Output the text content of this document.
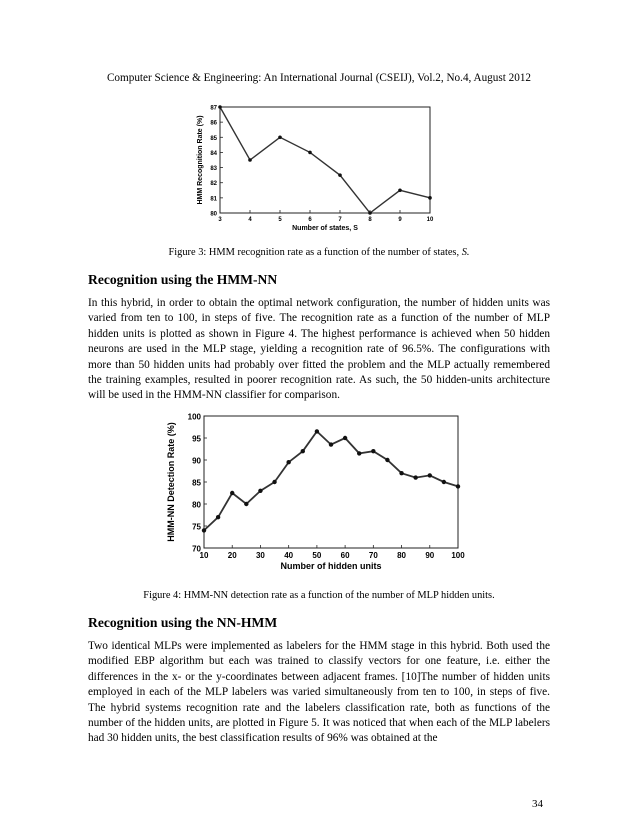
Computer Science & Engineering: An International Journal (CSEIJ), Vol.2, No.4, August 2012
3	4	5	6	7	8	9	10
80
81
82
83
84
85
86
87
Number of states, S
HMM Recognition Rate (%)
Figure 3: HMM recognition rate as a function of the number of states, S.
Recognition using the HMM-NN
In this hybrid, in order to obtain the optimal network configuration, the number of hidden units was varied from ten to 100, in steps of five. The recognition rate as a function of the number of MLP hidden units is plotted as shown in Figure 4. The highest performance is achieved when 50 hidden neurons are used in the MLP stage, yielding a recognition rate of 96.5%. The configurations with more than 50 hidden units had probably over fitted the problem and the MLP actually remembered the training examples, resulted in poorer recognition rate. As such, the 50 hidden-units architecture will be used in the HMM-NN classifier for comparison.
10 20 30 40 50 60 70 80 90 100
70
75
80
85
90
95
100
Number of hidden units
HMM-NN Detection Rate (%)
Figure 4: HMM-NN detection rate as a function of the number of MLP hidden units.
Recognition using the NN-HMM
Two identical MLPs were implemented as labelers for the HMM stage in this hybrid. Both used the modified EBP algorithm but each was trained to classify vectors for one feature, i.e. either the differences in the x- or the y-coordinates between adjacent frames. [10]The number of hidden units employed in each of the MLP labelers was varied simultaneously from ten to 100, in steps of five. The hybrid systems recognition rate and the labelers classification rate, both as functions of the number of the hidden units, are plotted in Figure 5. It was noticed that when each of the MLP labelers had 30 hidden units, the best classification results of 96% was obtained at the
34
